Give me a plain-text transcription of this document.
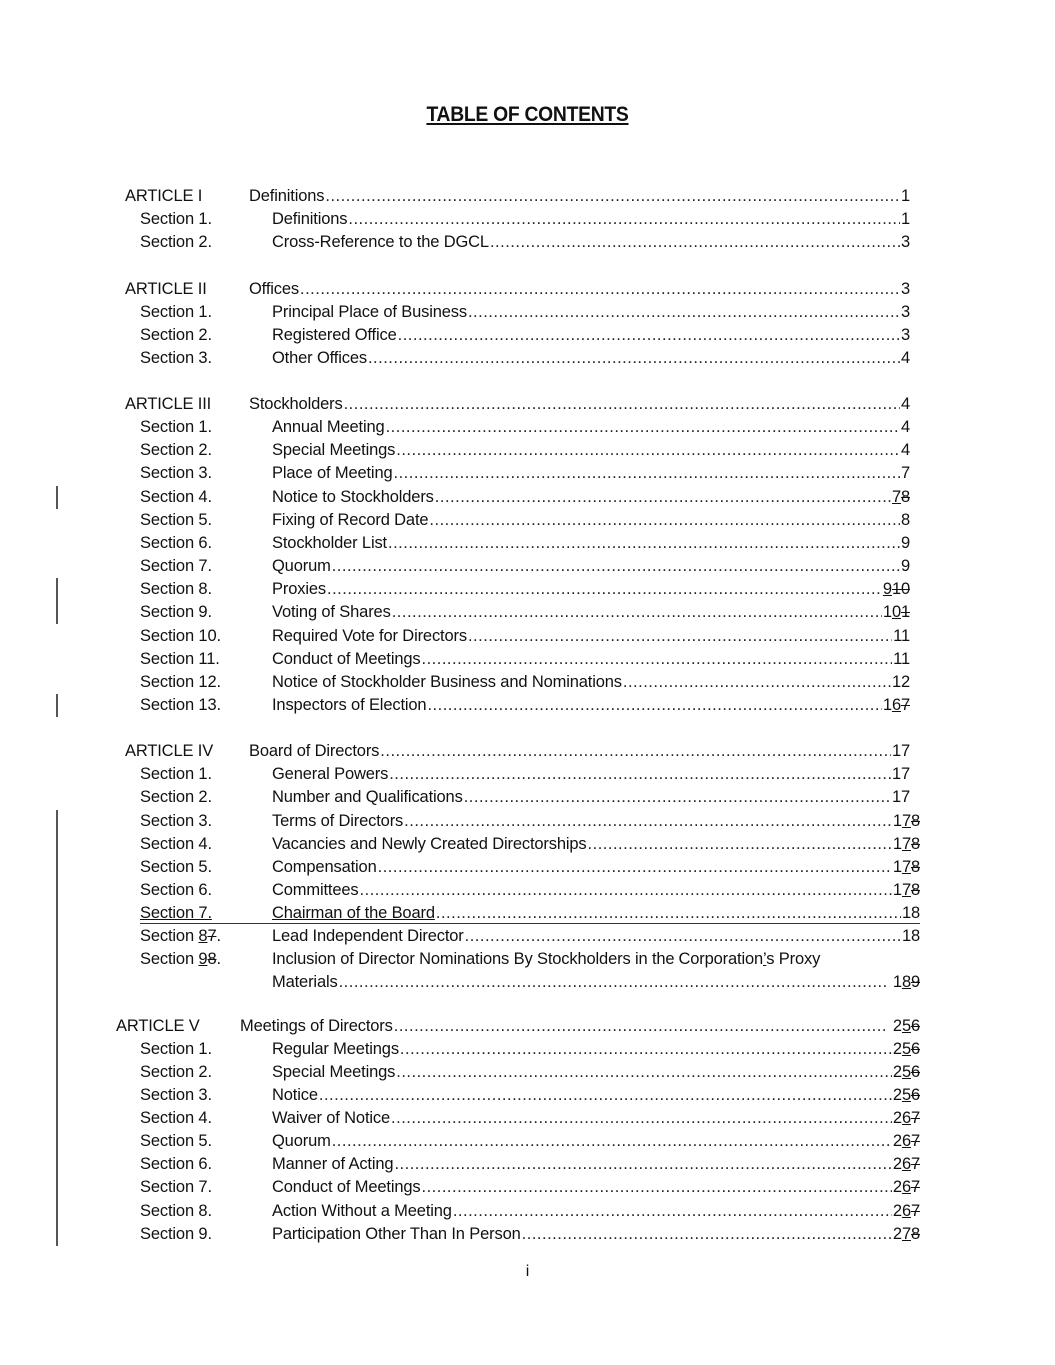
TABLE OF CONTENTS
ARTICLE I	Definitions .....	1
Section 1.	Definitions .....	1
Section 2.	Cross-Reference to the DGCL .....	3
ARTICLE II	Offices .....	3
Section 1.	Principal Place of Business .....	3
Section 2.	Registered Office .....	3
Section 3.	Other Offices .....	4
ARTICLE III Stockholders .....	4
Section 1.	Annual Meeting .....	4
Section 2.	Special Meetings .....	4
Section 3.	Place of Meeting .....	7
Section 4.	Notice to Stockholders .....	78
Section 5.	Fixing of Record Date .....	8
Section 6.	Stockholder List .....	9
Section 7.	Quorum .....	9
Section 8.	Proxies .....	910
Section 9.	Voting of Shares .....	101
Section 10.	Required Vote for Directors .....	11
Section 11.	Conduct of Meetings .....	11
Section 12.	Notice of Stockholder Business and Nominations .....	12
Section 13.	Inspectors of Election .....	167
ARTICLE IV Board of Directors .....	17
Section 1.	General Powers .....	17
Section 2.	Number and Qualifications .....	17
Section 3.	Terms of Directors .....	178
Section 4.	Vacancies and Newly Created Directorships .....	178
Section 5.	Compensation .....	178
Section 6.	Committees .....	178
Section 7.	Chairman of the Board .....	18
Section 87.	Lead Independent Director .....	18
Section 98.	Inclusion of Director Nominations By Stockholders in the Corporation’s Proxy
Materials .....	189
ARTICLE V Meetings of Directors .....	256
Section 1.	Regular Meetings .....	256
Section 2.	Special Meetings .....	256
Section 3.	Notice .....	256
Section 4.	Waiver of Notice .....	267
Section 5.	Quorum .....	267
Section 6.	Manner of Acting .....	267
Section 7.	Conduct of Meetings .....	267
Section 8.	Action Without a Meeting .....	267
Section 9.	Participation Other Than In Person .....	278
i
